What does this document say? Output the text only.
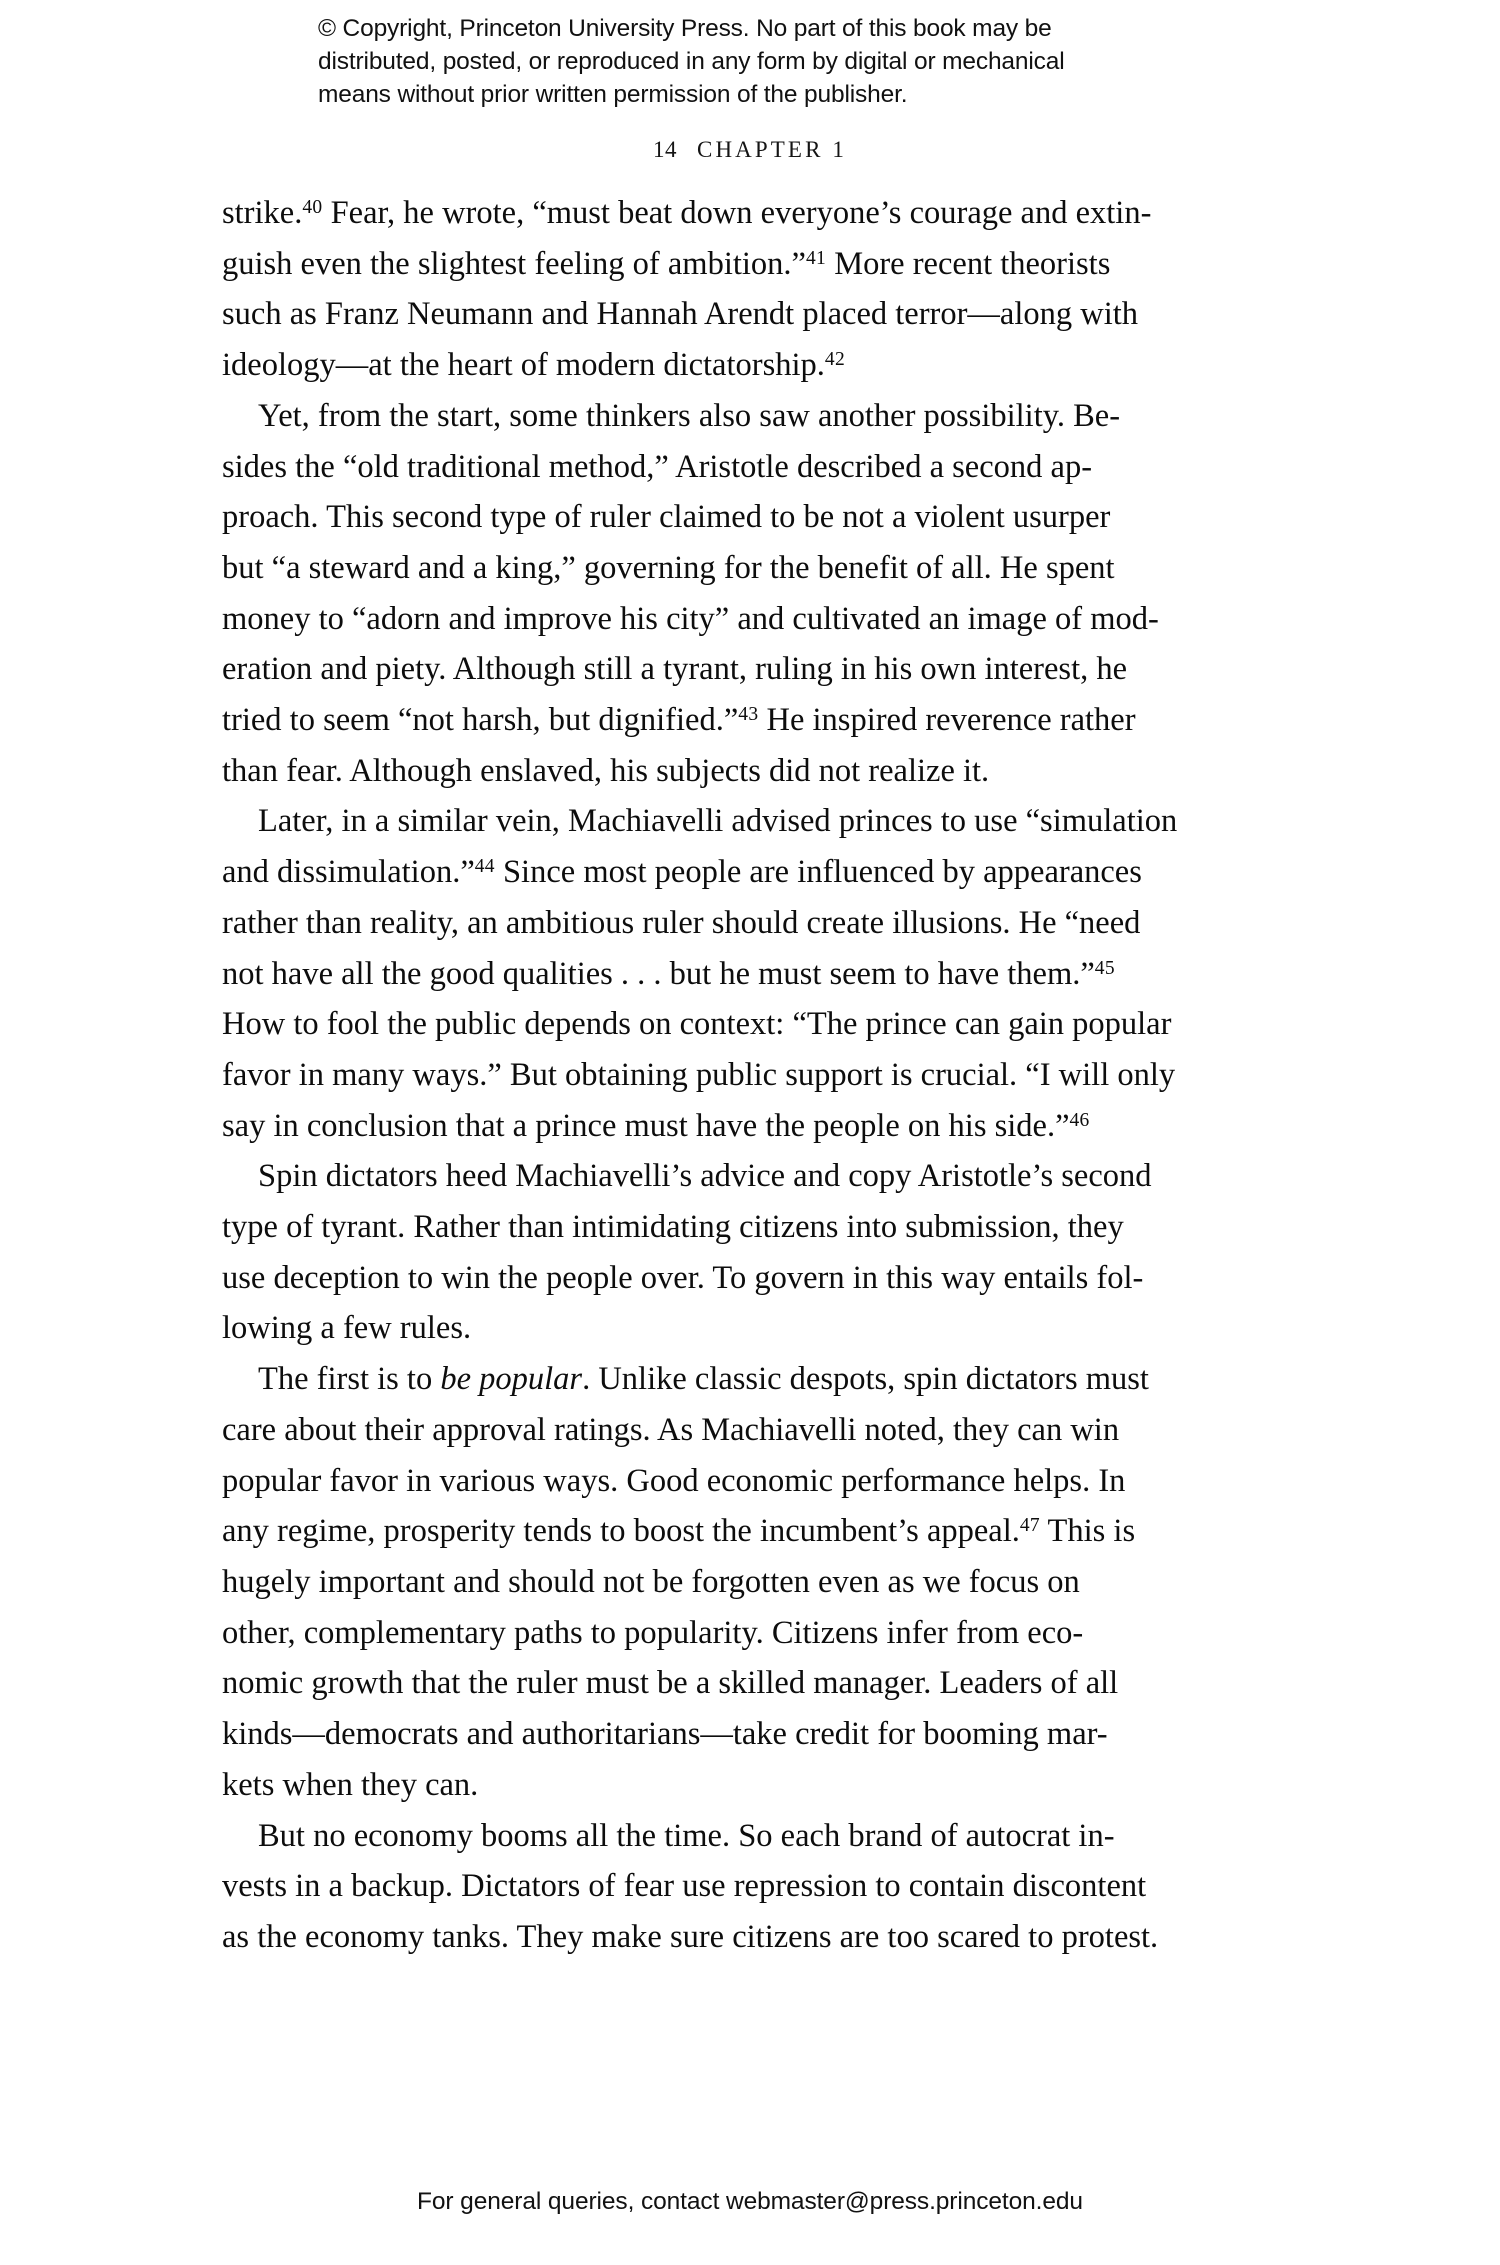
© Copyright, Princeton University Press. No part of this book may be
distributed, posted, or reproduced in any form by digital or mechanical
means without prior written permission of the publisher.
14 CHAPTER 1

strike.$^{40}$ Fear, he wrote, “must beat down everyone’s courage and extin-
guish even the slightest feeling of ambition.”$^{41}$ More recent theorists
such as Franz Neumann and Hannah Arendt placed terror—along with
ideology—at the heart of modern dictatorship.$^{42}$

Yet, from the start, some thinkers also saw another possibility. Be-
sides the “old traditional method,” Aristotle described a second ap-
proach. This second type of ruler claimed to be not a violent usurper
but “a steward and a king,” governing for the benefit of all. He spent
money to “adorn and improve his city” and cultivated an image of mod-
eration and piety. Although still a tyrant, ruling in his own interest, he
tried to seem “not harsh, but dignified.”$^{43}$ He inspired reverence rather
than fear. Although enslaved, his subjects did not realize it.

Later, in a similar vein, Machiavelli advised princes to use “simulation
and dissimulation.”$^{44}$ Since most people are influenced by appearances
rather than reality, an ambitious ruler should create illusions. He “need
not have all the good qualities . . . but he must seem to have them.”$^{45}$
How to fool the public depends on context: “The prince can gain popular
favor in many ways.” But obtaining public support is crucial. “I will only
say in conclusion that a prince must have the people on his side.”$^{46}$

Spin dictators heed Machiavelli’s advice and copy Aristotle’s second
type of tyrant. Rather than intimidating citizens into submission, they
use deception to win the people over. To govern in this way entails fol-
lowing a few rules.

The first is to be popular. Unlike classic despots, spin dictators must
care about their approval ratings. As Machiavelli noted, they can win
popular favor in various ways. Good economic performance helps. In
any regime, prosperity tends to boost the incumbent’s appeal.$^{47}$ This is
hugely important and should not be forgotten even as we focus on
other, complementary paths to popularity. Citizens infer from eco-
nomic growth that the ruler must be a skilled manager. Leaders of all
kinds—democrats and authoritarians—take credit for booming mar-
kets when they can.

But no economy booms all the time. So each brand of autocrat in-
vests in a backup. Dictators of fear use repression to contain discontent
as the economy tanks. They make sure citizens are too scared to protest.

For general queries, contact webmaster@press.princeton.edu
